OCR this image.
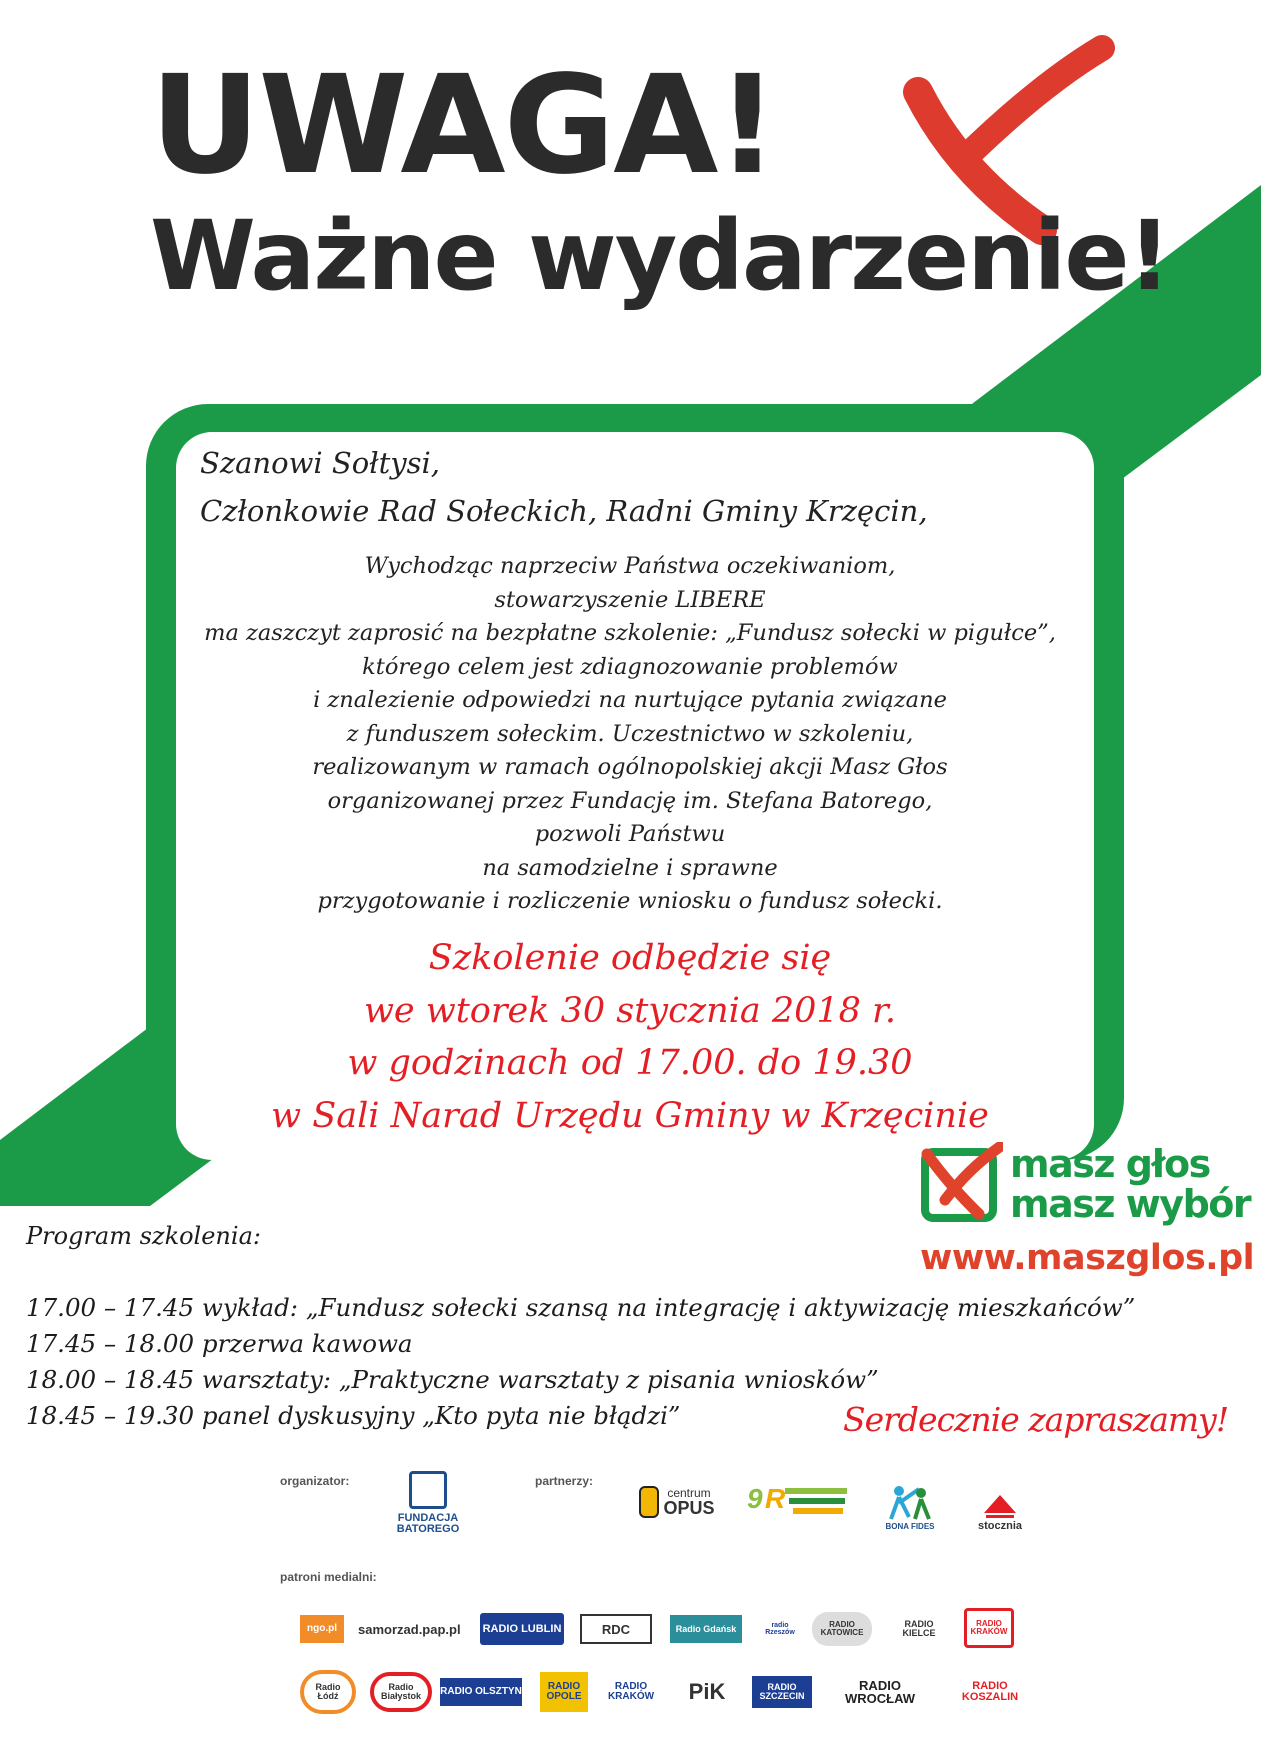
UWAGA!
Ważne wydarzenie!
Szanowi Sołtysi,
Członkowie Rad Sołeckich, Radni Gminy Krzęcin,
Wychodząc naprzeciw Państwa oczekiwaniom,
stowarzyszenie LIBERE
ma zaszczyt zaprosić na bezpłatne szkolenie: „Fundusz sołecki w pigułce”,
którego celem jest zdiagnozowanie problemów
i znalezienie odpowiedzi na nurtujące pytania związane
z funduszem sołeckim. Uczestnictwo w szkoleniu,
realizowanym w ramach ogólnopolskiej akcji Masz Głos
organizowanej przez Fundację im. Stefana Batorego,
pozwoli Państwu
na samodzielne i sprawne
przygotowanie i rozliczenie wniosku o fundusz sołecki.
Szkolenie odbędzie się
we wtorek 30 stycznia 2018 r.
w godzinach od 17.00. do 19.30
w Sali Narad Urzędu Gminy w Krzęcinie
masz głos
masz wybór
www.maszglos.pl
Program szkolenia:
17.00 – 17.45 wykład: „Fundusz sołecki szansą na integrację i aktywizację mieszkańców”
17.45 – 18.00 przerwa kawowa
18.00 – 18.45 warsztaty: „Praktyczne warsztaty z pisania wniosków”
18.45 – 19.30 panel dyskusyjny „Kto pyta nie błądzi”	Serdecznie zapraszamy!
organizator:	partnerzy:
patroni medialni:
FUNDACJA
BATOREGO
centrum
OPUS 9 R
BONA FIDES	stocznia
ngo.pl	samorzad.pap.pl RADIO LUBLIN	RDC	Radio Gdańsk	radio Rzeszów
RADIO KATOWICE
RADIO KIELCE
RADIO KRAKÓW
Radio Łódź
Radio Białystok	RADIO OLSZTYN	RADIO OPOLE
RADIO KRAKÓW	PiK	RADIO SZCZECIN
RADIO WROCŁAW
RADIO KOSZALIN
